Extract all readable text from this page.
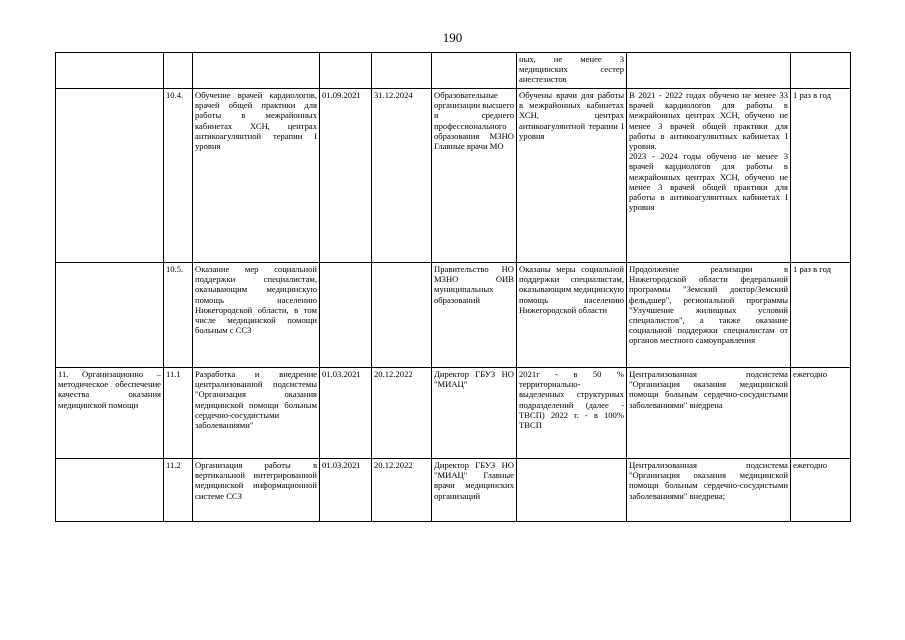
190
						ных, не менее 3 медицинских сестер анестезистов		
	10.4.	Обучение врачей кардиологов, врачей общей практики для работы в межрайонных кабинетах ХСН, центрах антикоагулянтной терапии I уровня	01.09.2021	31.12.2024	Образовательные организации высшего и среднего профессионального образования МЗНО Главные врачи МО	Обучены врачи для работы в межрайонных кабинетах ХСН, центрах антикоагулянтной терапии I уровня	В 2021 - 2022 годах обучено не менее 33 врачей кардиологов для работы в межрайонных центрах ХСН, обучено не менее 3 врачей общей практики для работы в антикоагулянтных кабинетах I уровня.
2023 - 2024 годы обучено не менее 3 врачей кардиологов для работы в межрайонных центрах ХСН, обучено не менее 3 врачей общей практики для работы в антикоагулянтных кабинетах I уровня	1 раз в год
	10.5.	Оказание мер социальной поддержки специалистам, оказывающим медицинскую помощь населению Нижегородской области, в том числе медицинской помощи больным с ССЗ			Правительство НО МЗНО ОИВ муниципальных образований	Оказаны меры социальной поддержки специалистам, оказывающим медицинскую помощь населению Нижегородской области	Продолжение реализации в Нижегородской области федеральной программы "Земский доктор/Земский фельдшер", региональной программы "Улучшение жилищных условий специалистов", а также оказание социальной поддержки специалистам от органов местного самоуправления	1 раз в год
11. Организационно – методическое обеспечение качества оказания медицинской помощи	11.1	Разработка и внедрение централизованной подсистемы "Организация оказания медицинской помощи больным сердечно-сосудистыми заболеваниями"	01.03.2021	20.12.2022	Директор ГБУЗ НО "МИАЦ"	2021г - в 50 % территориально-выделенных структурных подразделений (далее - ТВСП) 2022 г. - в 100% ТВСП	Централизованная подсистема "Организация оказания медицинской помощи больным сердечно-сосудистыми заболеваниями" внедрена	ежегодно
	11.2	Организация работы в вертикальной интегрированной медицинской информационной системе ССЗ	01.03.2021	20.12.2022	Директор ГБУЗ НО "МИАЦ" Главные врачи медицинских организаций		Централизованная подсистема "Организация оказания медицинской помощи больным сердечно-сосудистыми заболеваниями" внедрена;	ежегодно
